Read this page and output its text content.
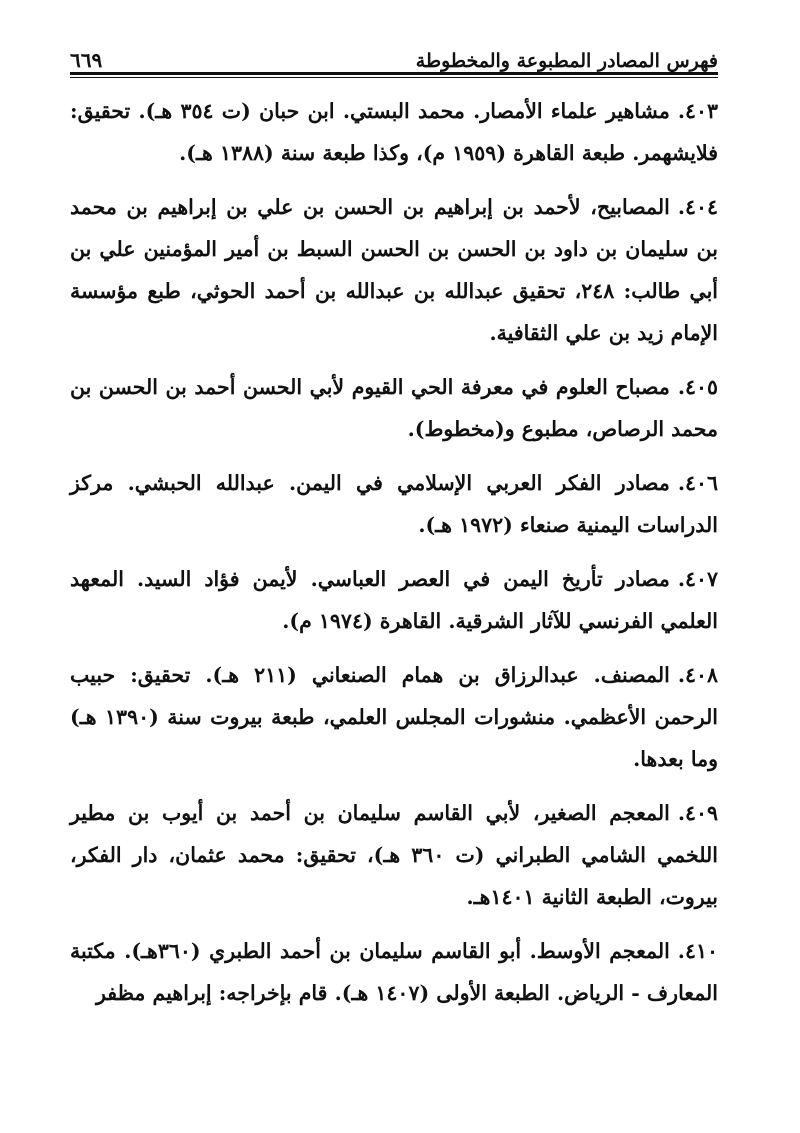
فهرس المصادر المطبوعة والمخطوطة
٦٦٩

٤٠٣.مشاهير علماء الأمصار. محمد البستي. ابن حبان (ت ٣٥٤ هـ). تحقيق: فلايشهمر. طبعة القاهرة (١٩٥٩ م)، وكذا طبعة سنة (١٣٨٨ هـ).

٤٠٤.المصابيح، لأحمد بن إبراهيم بن الحسن بن علي بن إبراهيم بن محمد بن سليمان بن داود بن الحسن بن الحسن السبط بن أمير المؤمنين علي بن أبي طالب: ٢٤٨، تحقيق عبدالله بن عبدالله بن أحمد الحوثي، طبع مؤسسة الإمام زيد بن علي الثقافية.

٤٠٥.مصباح العلوم في معرفة الحي القيوم لأبي الحسن أحمد بن الحسن بن محمد الرصاص، مطبوع و(مخطوط).

٤٠٦.مصادر الفكر العربي الإسلامي في اليمن. عبدالله الحبشي. مركز الدراسات اليمنية صنعاء (١٩٧٢ هـ).

٤٠٧.مصادر تأريخ اليمن في العصر العباسي. لأيمن فؤاد السيد. المعهد العلمي الفرنسي للآثار الشرقية. القاهرة (١٩٧٤ م).

٤٠٨.المصنف. عبدالرزاق بن همام الصنعاني (٢١١ هـ). تحقيق: حبيب الرحمن الأعظمي. منشورات المجلس العلمي، طبعة بيروت سنة (١٣٩٠ هـ) وما بعدها.

٤٠٩.المعجم الصغير، لأبي القاسم سليمان بن أحمد بن أيوب بن مطير اللخمي الشامي الطبراني (ت ٣٦٠ هـ)، تحقيق: محمد عثمان، دار الفكر، بيروت، الطبعة الثانية ١٤٠١هـ.

٤١٠.المعجم الأوسط. أبو القاسم سليمان بن أحمد الطبري (٣٦٠هـ). مكتبة المعارف - الرياض. الطبعة الأولى (١٤٠٧ هـ). قام بإخراجه: إبراهيم مظفر
